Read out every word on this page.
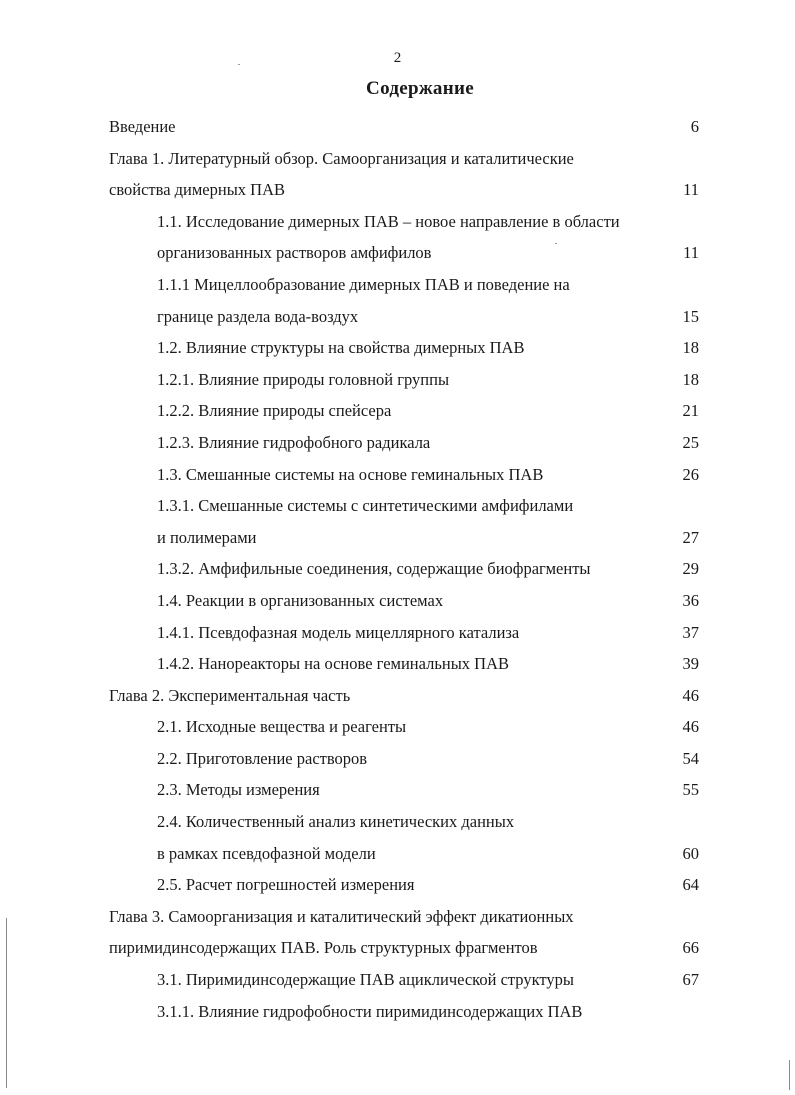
2
Содержание
Введение	6
Глава 1. Литературный обзор. Самоорганизация и каталитические
свойства димерных ПАВ	11
1.1. Исследование димерных ПАВ – новое направление в области
организованных растворов амфифилов	11
1.1.1 Мицеллообразование димерных ПАВ и поведение на
границе раздела вода-воздух	15
1.2. Влияние структуры на свойства димерных ПАВ	18
1.2.1. Влияние природы головной группы	18
1.2.2. Влияние природы спейсера	21
1.2.3. Влияние гидрофобного радикала	25
1.3. Смешанные системы на основе геминальных ПАВ	26
1.3.1. Смешанные системы с синтетическими амфифилами
и полимерами	27
1.3.2. Амфифильные соединения, содержащие биофрагменты	29
1.4. Реакции в организованных системах	36
1.4.1. Псевдофазная модель мицеллярного катализа	37
1.4.2. Нанореакторы на основе геминальных ПАВ	39
Глава 2. Экспериментальная часть	46
2.1. Исходные вещества и реагенты	46
2.2. Приготовление растворов	54
2.3. Методы измерения	55
2.4. Количественный анализ кинетических данных
в рамках псевдофазной модели	60
2.5. Расчет погрешностей измерения	64
Глава 3. Самоорганизация и каталитический эффект дикатионных
пиримидинсодержащих ПАВ. Роль структурных фрагментов	66
3.1. Пиримидинсодержащие ПАВ ациклической структуры	67
3.1.1. Влияние гидрофобности пиримидинсодержащих ПАВ
